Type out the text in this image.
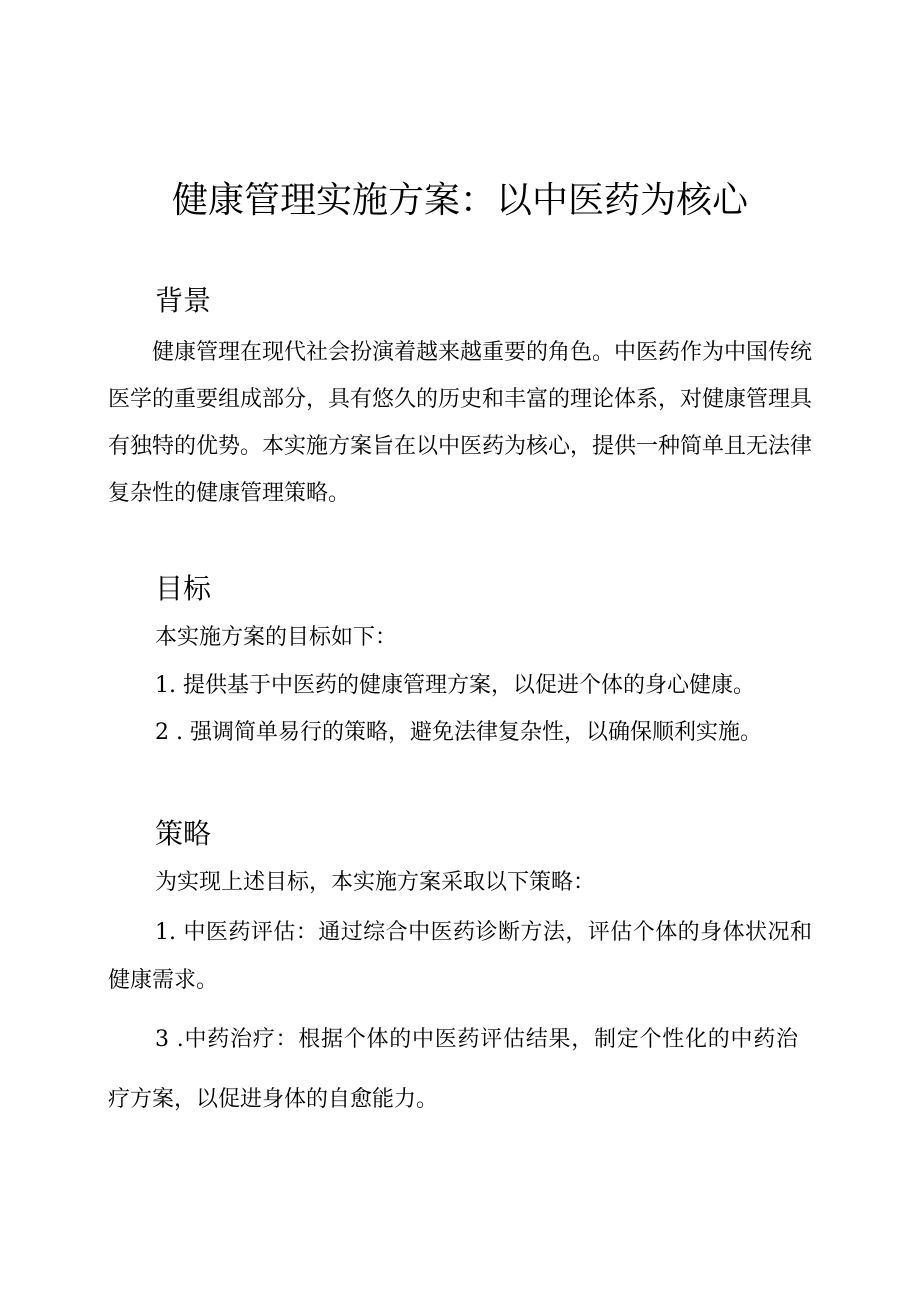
健康管理实施方案：以中医药为核心
背景

健康管理在现代社会扮演着越来越重要的角色。中医药作为中国传统医学的重要组成部分，具有悠久的历史和丰富的理论体系，对健康管理具有独特的优势。本实施方案旨在以中医药为核心，提供一种简单且无法律复杂性的健康管理策略。

目标

本实施方案的目标如下：

1. 提供基于中医药的健康管理方案，以促进个体的身心健康。

2 . 强调简单易行的策略，避免法律复杂性，以确保顺利实施。

策略

为实现上述目标，本实施方案采取以下策略：

1. 中医药评估：通过综合中医药诊断方法，评估个体的身体状况和健康需求。

3 .中药治疗：根据个体的中医药评估结果，制定个性化的中药治疗方案，以促进身体的自愈能力。
